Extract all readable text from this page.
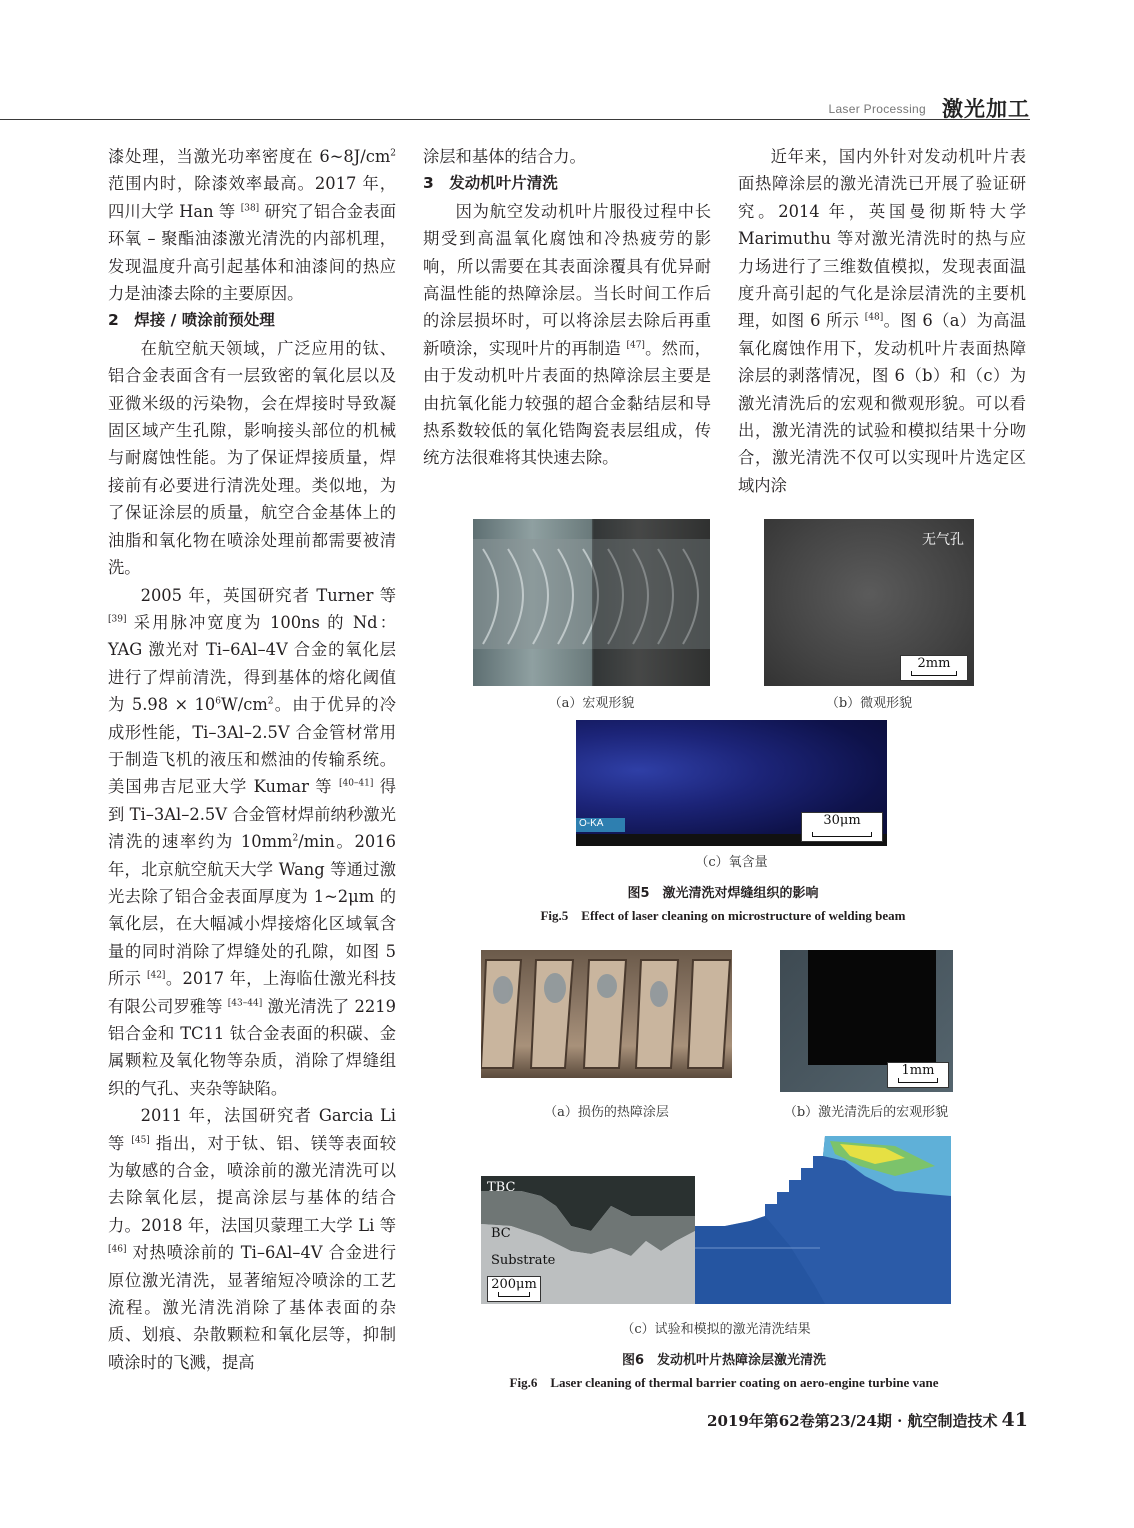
Laser Processing 激光加工

漆处理，当激光功率密度在 $6\sim 8J/cm^2$ 范围内时，除漆效率最高。2017 年，四川大学 Han 等 [38] 研究了铝合金表面环氧 – 聚酯油漆激光清洗的内部机理，发现温度升高引起基体和油漆间的热应力是油漆去除的主要原因。

2　焊接 / 喷涂前预处理

在航空航天领域，广泛应用的钛、铝合金表面含有一层致密的氧化层以及亚微米级的污染物，会在焊接时导致凝固区域产生孔隙，影响接头部位的机械与耐腐蚀性能。为了保证焊接质量，焊接前有必要进行清洗处理。类似地，为了保证涂层的质量，航空合金基体上的油脂和氧化物在喷涂处理前都需要被清洗。

2005 年，英国研究者 Turner 等 [39] 采用脉冲宽度为 100ns 的 Nd：YAG 激光对 Ti–6Al–4V 合金的氧化层进行了焊前清洗，得到基体的熔化阈值为 $5.98 \times 10^6W/cm^2$。由于优异的冷成形性能，Ti–3Al–2.5V 合金管材常用于制造飞机的液压和燃油的传输系统。美国弗吉尼亚大学 Kumar 等 [40–41] 得到 Ti–3Al–2.5V 合金管材焊前纳秒激光清洗的速率约为 $10mm^2/\min$。2016 年，北京航空航天大学 Wang 等通过激光去除了铝合金表面厚度为 1~2μm 的氧化层，在大幅减小焊接熔化区域氧含量的同时消除了焊缝处的孔隙，如图 5 所示 [42]。2017 年，上海临仕激光科技有限公司罗雅等 [43–44] 激光清洗了 2219 铝合金和 TC11 钛合金表面的积碳、金属颗粒及氧化物等杂质，消除了焊缝组织的气孔、夹杂等缺陷。

2011 年，法国研究者 Garcia Li 等 [45] 指出，对于钛、铝、镁等表面较为敏感的合金，喷涂前的激光清洗可以去除氧化层，提高涂层与基体的结合力。2018 年，法国贝蒙理工大学 Li 等 [46] 对热喷涂前的 Ti–6Al–4V 合金进行原位激光清洗，显著缩短冷喷涂的工艺流程。激光清洗消除了基体表面的杂质、划痕、杂散颗粒和氧化层等，抑制喷涂时的飞溅，提高

涂层和基体的结合力。

3　发动机叶片清洗

因为航空发动机叶片服役过程中长期受到高温氧化腐蚀和冷热疲劳的影响，所以需要在其表面涂覆具有优异耐高温性能的热障涂层。当长时间工作后的涂层损坏时，可以将涂层去除后再重新喷涂，实现叶片的再制造 [47]。然而，由于发动机叶片表面的热障涂层主要是由抗氧化能力较强的超合金黏结层和导热系数较低的氧化锆陶瓷表层组成，传统方法很难将其快速去除。

近年来，国内外针对发动机叶片表面热障涂层的激光清洗已开展了验证研究。2014 年，英国曼彻斯特大学 Marimuthu 等对激光清洗时的热与应力场进行了三维数值模拟，发现表面温度升高引起的气化是涂层清洗的主要机理，如图 6 所示 [48]。图 6（a）为高温氧化腐蚀作用下，发动机叶片表面热障涂层的剥落情况，图 6（b）和（c）为激光清洗后的宏观和微观形貌。可以看出，激光清洗的试验和模拟结果十分吻合，激光清洗不仅可以实现叶片选定区域内涂

（a）宏观形貌
无气孔
2mm
（b）微观形貌
O-KA	30μm
（c）氧含量
图5　激光清洗对焊缝组织的影响
Fig.5　Effect of laser cleaning on microstructure of welding beam
（a）损伤的热障涂层
1mm
（b）激光清洗后的宏观形貌
TBC
BC
Substrate
200μm
（c）试验和模拟的激光清洗结果
图6　发动机叶片热障涂层激光清洗
Fig.6　Laser cleaning of thermal barrier coating on aero-engine turbine vane
2019年第62卷第23/24期 · 航空制造技术 41
